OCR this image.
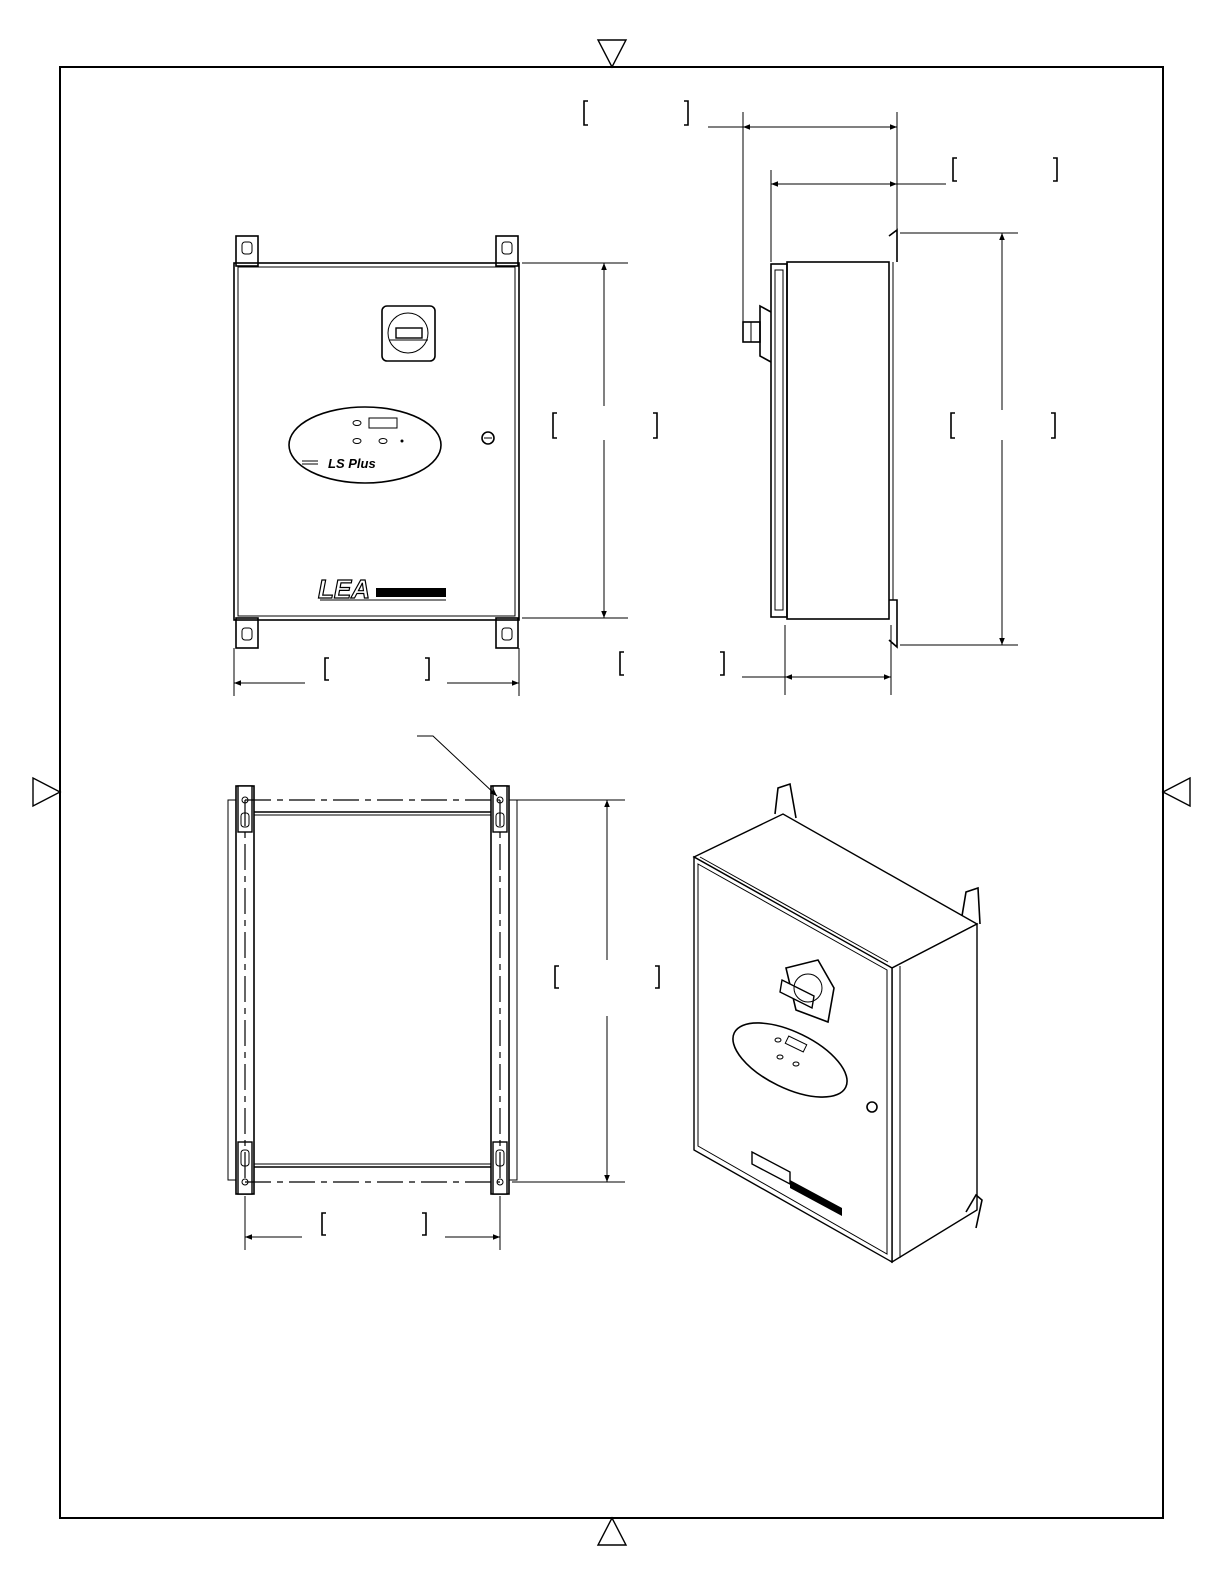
LS Plus
LEA
